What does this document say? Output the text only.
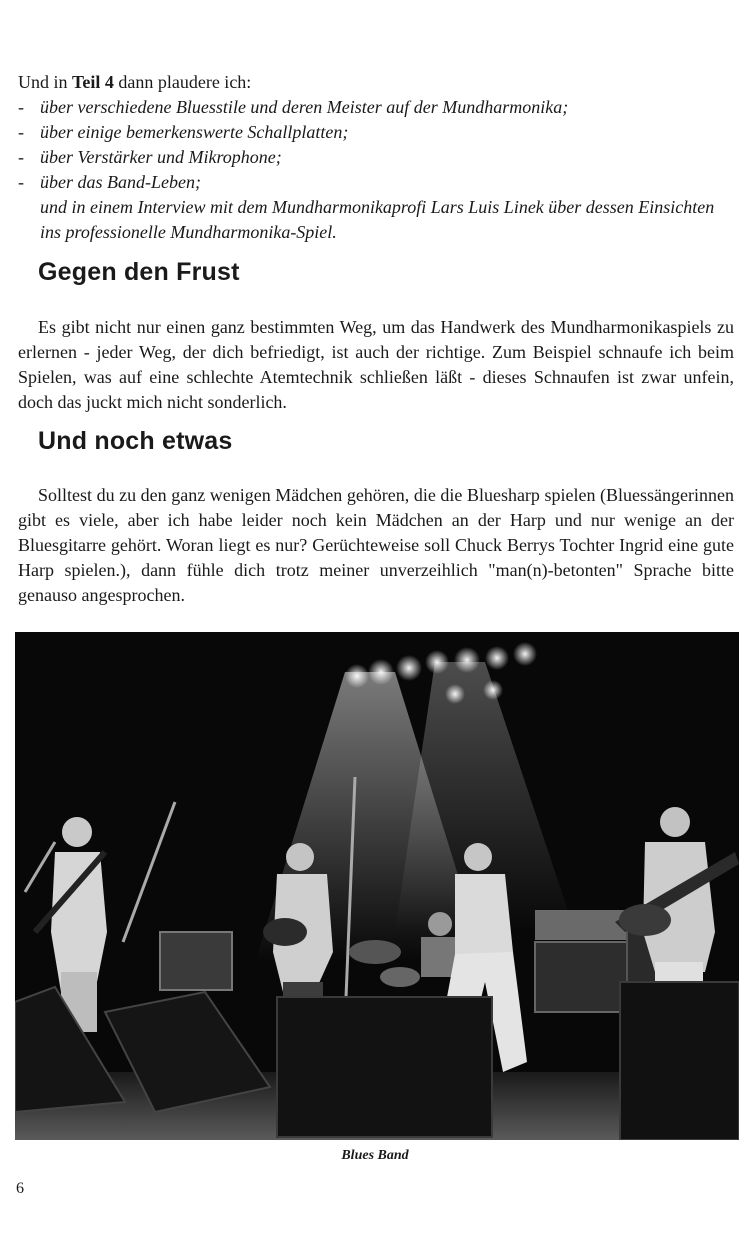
Und in Teil 4 dann plaudere ich:
- über verschiedene Bluesstile und deren Meister auf der Mundharmonika;
- über einige bemerkenswerte Schallplatten;
- über Verstärker und Mikrophone;
- über das Band-Leben;
und in einem Interview mit dem Mundharmonikaprofi Lars Luis Linek über dessen Einsichten ins professionelle Mundharmonika-Spiel.
Gegen den Frust

Es gibt nicht nur einen ganz bestimmten Weg, um das Handwerk des Mundharmonikaspiels zu erlernen - jeder Weg, der dich befriedigt, ist auch der richtige. Zum Beispiel schnaufe ich beim Spielen, was auf eine schlechte Atemtechnik schließen läßt - dieses Schnaufen ist zwar unfein, doch das juckt mich nicht sonderlich.

Und noch etwas

Solltest du zu den ganz wenigen Mädchen gehören, die die Bluesharp spielen (Bluessängerinnen gibt es viele, aber ich habe leider noch kein Mädchen an der Harp und nur wenige an der Bluesgitarre gehört. Woran liegt es nur? Gerüchteweise soll Chuck Berrys Tochter Ingrid eine gute Harp spielen.), dann fühle dich trotz meiner unverzeihlich "man(n)-betonten" Sprache bitte genauso angesprochen.

Blues Band
6
